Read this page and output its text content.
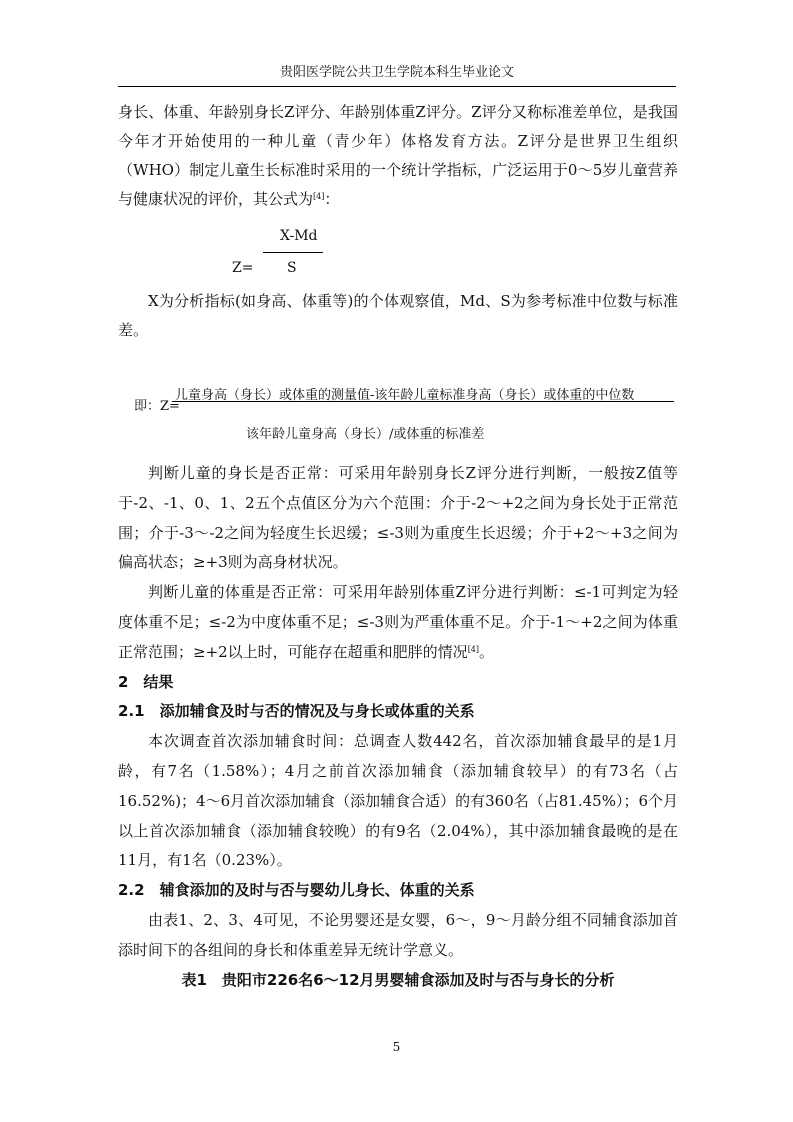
贵阳医学院公共卫生学院本科生毕业论文

身长、体重、年龄别身长Z评分、年龄别体重Z评分。Z评分又称标准差单位，是我国今年才开始使用的一种儿童（青少年）体格发育方法。Z评分是世界卫生组织（WHO）制定儿童生长标准时采用的一个统计学指标，广泛运用于0～5岁儿童营养与健康状况的评价，其公式为[4]：

X-Md
Z= S

X为分析指标(如身高、体重等)的个体观察值，Md、S为参考标准中位数与标准差。

即：Z=
儿童身高（身长）或体重的测量值-该年龄儿童标准身高（身长）或体重的中位数
该年龄儿童身高（身长）/或体重的标准差

判断儿童的身长是否正常：可采用年龄别身长Z评分进行判断，一般按Z值等于-2、-1、0、1、2五个点值区分为六个范围：介于-2～+2之间为身长处于正常范围；介于-3～-2之间为轻度生长迟缓；≤-3则为重度生长迟缓；介于+2～+3之间为偏高状态；≥+3则为高身材状况。

判断儿童的体重是否正常：可采用年龄别体重Z评分进行判断：≤-1可判定为轻度体重不足；≤-2为中度体重不足；≤-3则为严重体重不足。介于-1～+2之间为体重正常范围；≥+2以上时，可能存在超重和肥胖的情况[4]。

2　结果

2.1　添加辅食及时与否的情况及与身长或体重的关系

本次调查首次添加辅食时间：总调查人数442名，首次添加辅食最早的是1月龄，有7名（1.58%）；4月之前首次添加辅食（添加辅食较早）的有73名（占16.52%)；4～6月首次添加辅食（添加辅食合适）的有360名（占81.45%）；6个月以上首次添加辅食（添加辅食较晚）的有9名（2.04%），其中添加辅食最晚的是在11月，有1名（0.23%）。

2.2　辅食添加的及时与否与婴幼儿身长、体重的关系

由表1、2、3、4可见，不论男婴还是女婴，6～，9～月龄分组不同辅食添加首添时间下的各组间的身长和体重差异无统计学意义。

表1　贵阳市226名6～12月男婴辅食添加及时与否与身长的分析

5
